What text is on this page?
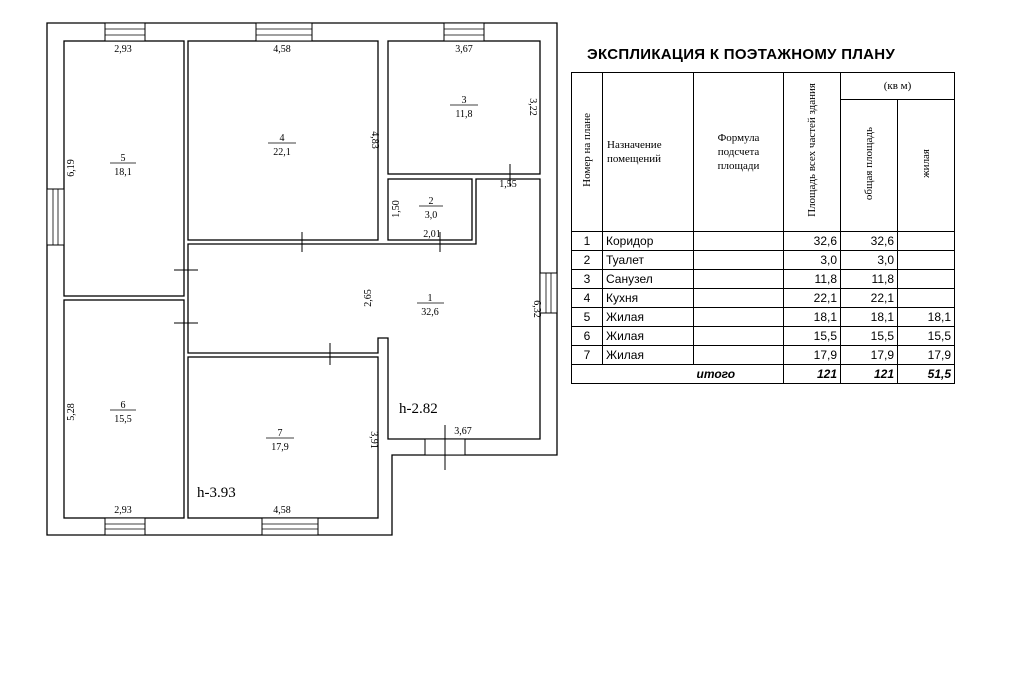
5
18,1
4
22,1
3
11,8
2
3,0
1
32,6
6
15,5
7
17,9
2,93	4,58	3,67
6,19
4,83
3,22
1,50
2,01
1,55
2,65
6,32
5,28
3,91
2,93	4,58
3,67
h-2.82
h-3.93
ЭКСПЛИКАЦИЯ К ПОЭТАЖНОМУ ПЛАНУ
Номер на плане	Назначение помещений	Формула подсчета площади	Площадь всех частей здания	(кв м)	
				общая площадь	жилая
1	Коридор		32,6	32,6	
2	Туалет		3,0	3,0	
3	Санузел		11,8	11,8	
4	Кухня		22,1	22,1	
5	Жилая		18,1	18,1	18,1
6	Жилая		15,5	15,5	15,5
7	Жилая		17,9	17,9	17,9
		итого	121	121	51,5
